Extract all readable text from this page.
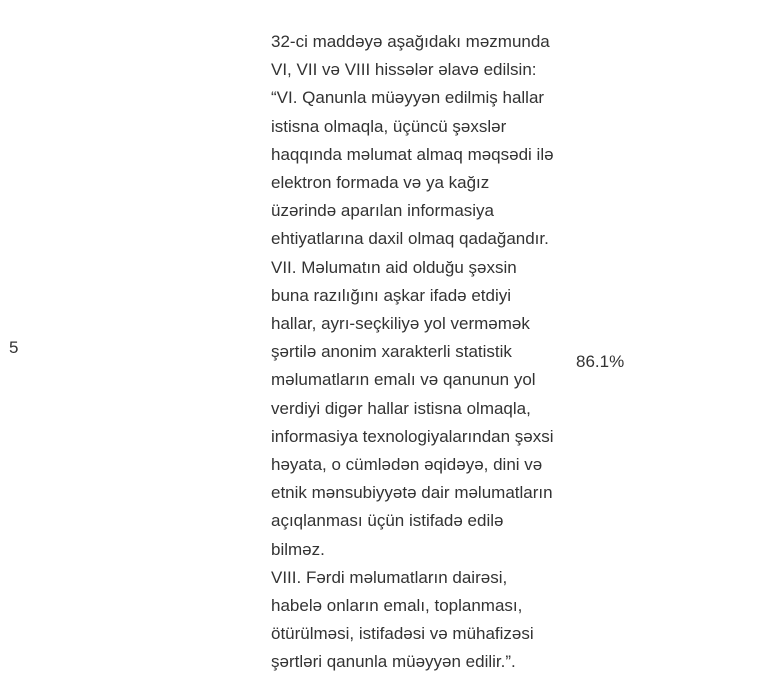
5
32-ci maddəyə aşağıdakı məzmunda
VI, VII və VIII hissələr əlavə edilsin:
“VI. Qanunla müəyyən edilmiş hallar
istisna olmaqla, üçüncü şəxslər
haqqında məlumat almaq məqsədi ilə
elektron formada və ya kağız
üzərində aparılan informasiya
ehtiyatlarına daxil olmaq qadağandır.
VII. Məlumatın aid olduğu şəxsin
buna razılığını aşkar ifadə etdiyi
hallar, ayrı-seçkiliyə yol verməmək
şərtilə anonim xarakterli statistik
məlumatların emalı və qanunun yol
verdiyi digər hallar istisna olmaqla,
informasiya texnologiyalarından şəxsi
həyata, o cümlədən əqidəyə, dini və
etnik mənsubiyyətə dair məlumatların
açıqlanması üçün istifadə edilə
bilməz.
VIII. Fərdi məlumatların dairəsi,
habelə onların emalı, toplanması,
ötürülməsi, istifadəsi və mühafizəsi
şərtləri qanunla müəyyən edilir.”.
86.1%
